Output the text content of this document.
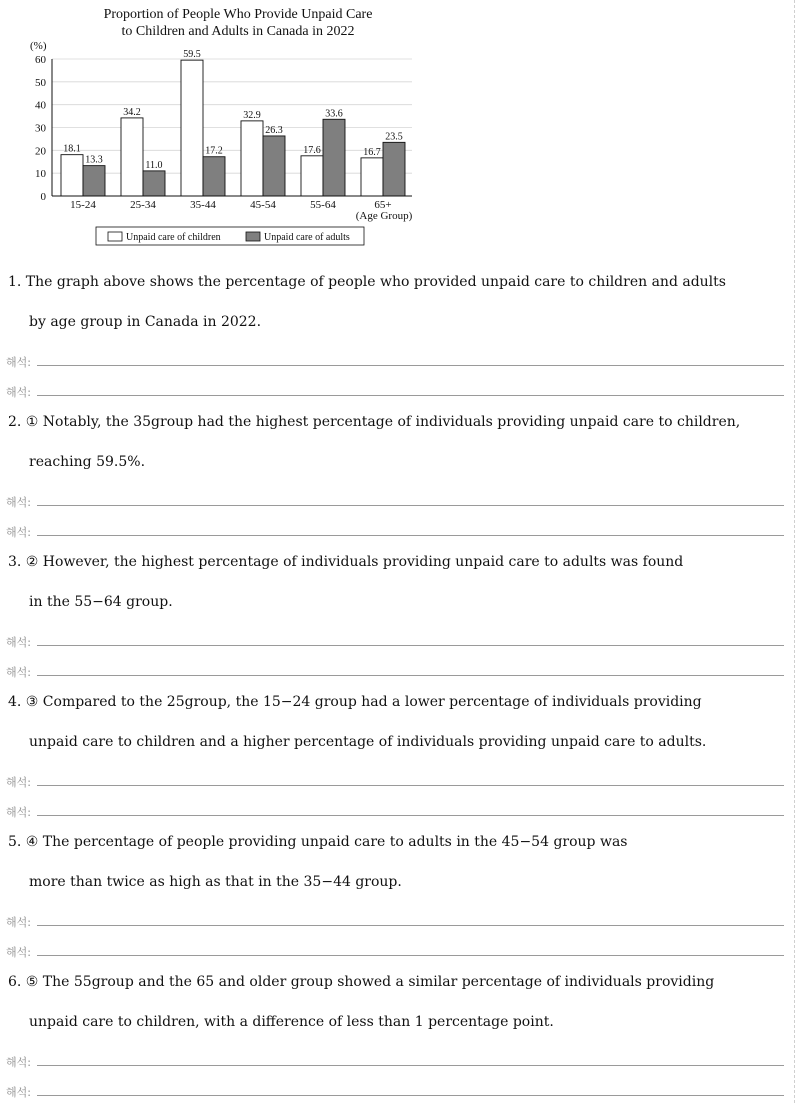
Proportion of People Who Provide Unpaid Care
to Children and Adults in Canada in 2022
(%)
0
10
20
30
40
50
60
18.1
13.3
34.2
11.0
59.5
17.2
32.9
26.3
17.6
33.6
16.7
23.5
15-24	25-34	35-44	45-54	55-64	65+
(Age Group)
Unpaid care of children	Unpaid care of adults
1. The graph above shows the percentage of people who provided unpaid care to children and adults
by age group in Canada in 2022.
해석:
해석:
2. ① Notably, the 35group had the highest percentage of individuals providing unpaid care to children,
reaching 59.5%.
해석:
해석:
3. ② However, the highest percentage of individuals providing unpaid care to adults was found
in the 55−64 group.
해석:
해석:
4. ③ Compared to the 25group, the 15−24 group had a lower percentage of individuals providing
unpaid care to children and a higher percentage of individuals providing unpaid care to adults.
해석:
해석:
5. ④ The percentage of people providing unpaid care to adults in the 45−54 group was
more than twice as high as that in the 35−44 group.
해석:
해석:
6. ⑤ The 55group and the 65 and older group showed a similar percentage of individuals providing
unpaid care to children, with a difference of less than 1 percentage point.
해석:
해석:
